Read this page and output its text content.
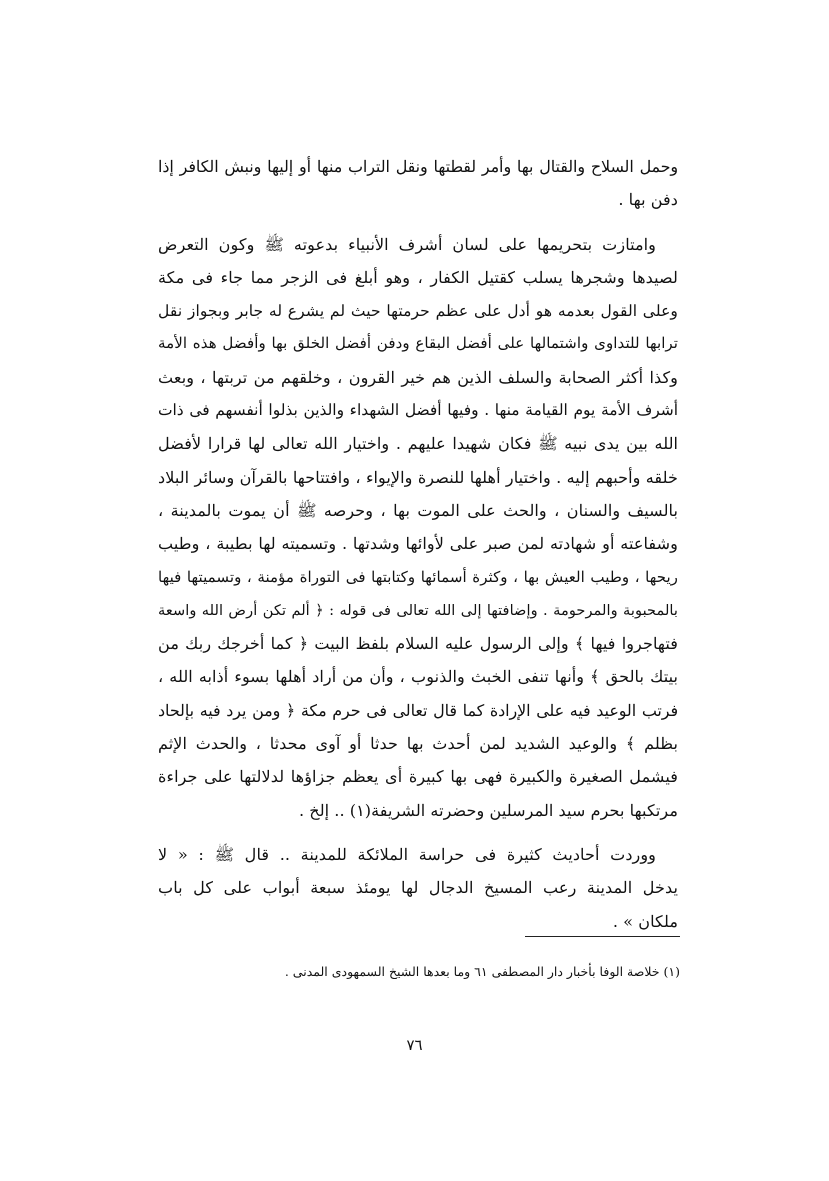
وحمل السلاح والقتال بها وأمر لقطتها ونقل التراب منها أو إليها ونبش الكافر إذا
دفن بها .

وامتازت بتحريمها على لسان أشرف الأنبياء بدعوته ﷺ وكون التعرض
لصيدها وشجرها يسلب كقتيل الكفار ، وهو أبلغ فى الزجر مما جاء فى مكة
وعلى القول بعدمه هو أدل على عظم حرمتها حيث لم يشرع له جابر وبجواز نقل
ترابها للتداوى واشتمالها على أفضل البقاع ودفن أفضل الخلق بها وأفضل هذه الأمة
وكذا أكثر الصحابة والسلف الذين هم خير القرون ، وخلقهم من تربتها ، وبعث
أشرف الأمة يوم القيامة منها . وفيها أفضل الشهداء والذين بذلوا أنفسهم فى ذات
الله بين يدى نبيه ﷺ فكان شهيدا عليهم . واختيار الله تعالى لها قرارا لأفضل
خلقه وأحبهم إليه . واختيار أهلها للنصرة والإيواء ، وافتتاحها بالقرآن وسائر البلاد
بالسيف والسنان ، والحث على الموت بها ، وحرصه ﷺ أن يموت بالمدينة ،
وشفاعته أو شهادته لمن صبر على لأوائها وشدتها . وتسميته لها بطيبة ، وطيب
ريحها ، وطيب العيش بها ، وكثرة أسمائها وكتابتها فى التوراة مؤمنة ، وتسميتها فيها
بالمحبوبة والمرحومة . وإضافتها إلى الله تعالى فى قوله : ﴿ ألم تكن أرض الله واسعة
فتهاجروا فيها ﴾ وإلى الرسول عليه السلام بلفظ البيت ﴿ كما أخرجك ربك من
بيتك بالحق ﴾ وأنها تنفى الخبث والذنوب ، وأن من أراد أهلها بسوء أذابه الله ،
فرتب الوعيد فيه على الإرادة كما قال تعالى فى حرم مكة ﴿ ومن يرد فيه بإلحاد
بظلم ﴾ والوعيد الشديد لمن أحدث بها حدثا أو آوى محدثا ، والحدث الإثم
فيشمل الصغيرة والكبيرة فهى بها كبيرة أى يعظم جزاؤها لدلالتها على جراءة
مرتكبها بحرم سيد المرسلين وحضرته الشريفة(١) .. إلخ .

ووردت أحاديث كثيرة فى حراسة الملائكة للمدينة .. قال ﷺ : « لا
يدخل المدينة رعب المسيخ الدجال لها يومئذ سبعة أبواب على كل باب
ملكان » .

(١) خلاصة الوفا بأخبار دار المصطفى ٦١ وما بعدها الشيخ السمهودى المدنى .
٧٦
